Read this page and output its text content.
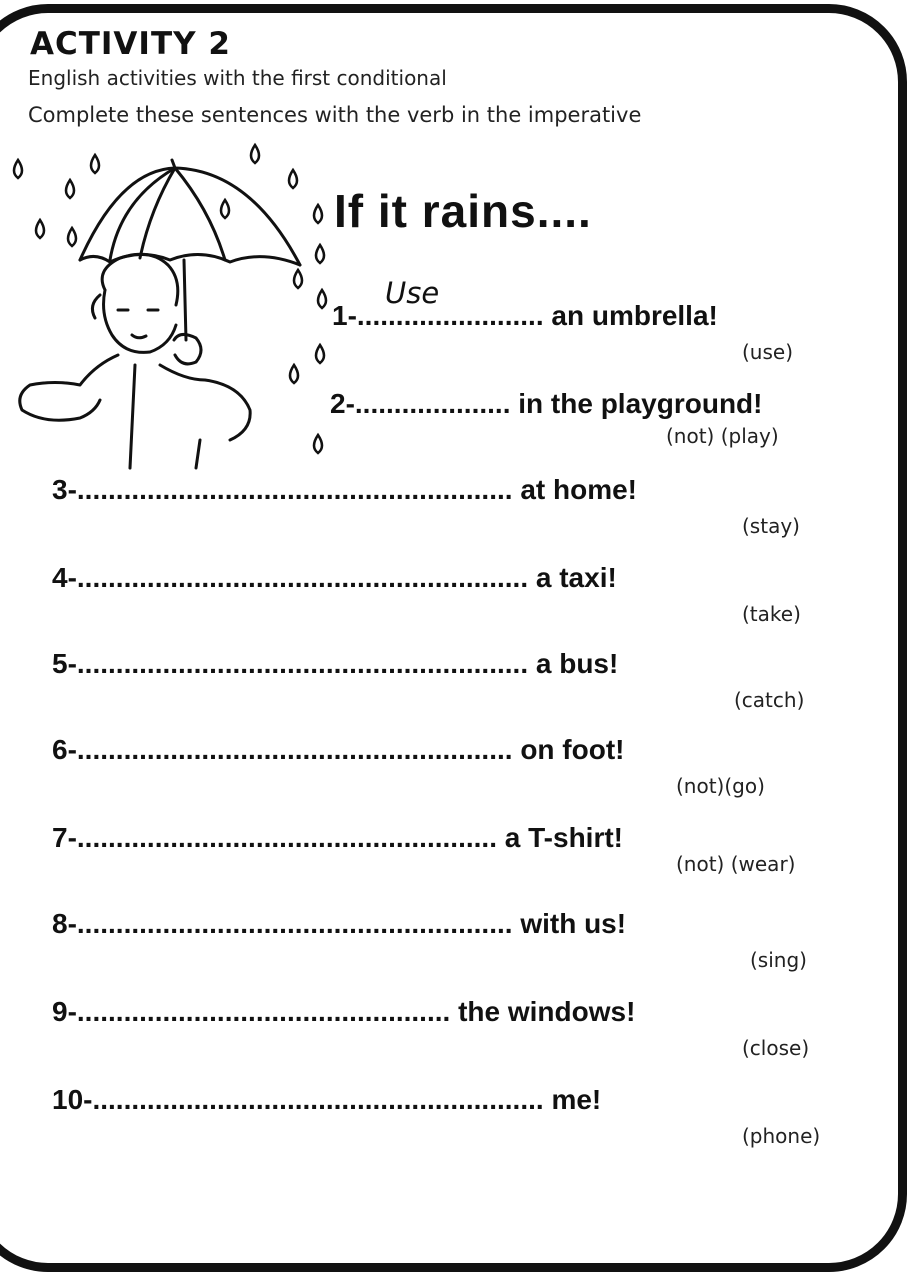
ACTIVITY 2
English activities with the first conditional
Complete these sentences with the verb in the imperative
If it rains....
Use
1-........................ an umbrella!
(use)
2-.................... in the playground!
(not) (play)
3-........................................................ at home!
(stay)
4-.......................................................... a taxi!
(take)
5-.......................................................... a bus!
(catch)
6-........................................................ on foot!
(not)(go)
7-...................................................... a T-shirt!
(not) (wear)
8-........................................................ with us!
(sing)
9-................................................ the windows!
(close)
10-.......................................................... me!
(phone)
